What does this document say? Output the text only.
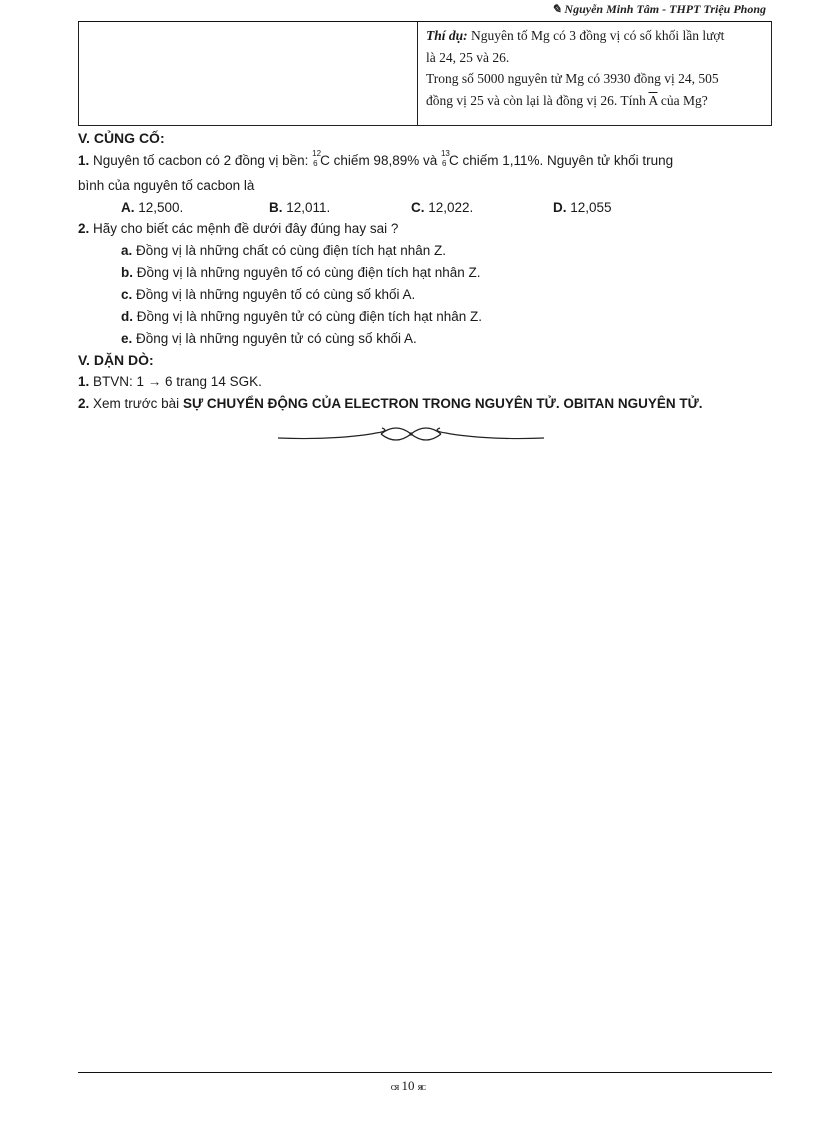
✎ Nguyễn Minh Tâm - THPT Triệu Phong

Thí dụ: Nguyên tố Mg có 3 đồng vị có số khối lần lượt

là 24, 25 và 26.

Trong số 5000 nguyên tử Mg có 3930 đồng vị 24, 505

đồng vị 25 và còn lại là đồng vị 26. Tính $\overline{A}$ của Mg?

V. CỦNG CỐ:
1. Nguyên tố cacbon có 2 đồng vị bền: 12
6 C chiếm 98,89% và 13
6 C chiếm 1,11%. Nguyên tử khối trung
bình của nguyên tố cacbon là
A. 12,500.	B. 12,011.	C. 12,022.	D. 12,055
2. Hãy cho biết các mệnh đề dưới đây đúng hay sai ?
a. Đồng vị là những chất có cùng điện tích hạt nhân Z.
b. Đồng vị là những nguyên tố có cùng điện tích hạt nhân Z.
c. Đồng vị là những nguyên tố có cùng số khối A.
d. Đồng vị là những nguyên tử có cùng điện tích hạt nhân Z.
e. Đồng vị là những nguyên tử có cùng số khối A.
V. DẶN DÒ:
1. BTVN: 1 → 6 trang 14 SGK.
2. Xem trước bài SỰ CHUYỂN ĐỘNG CỦA ELECTRON TRONG NGUYÊN TỬ. OBITAN NGUYÊN TỬ.
ᴄᴙ 10 ᴙᴄ
